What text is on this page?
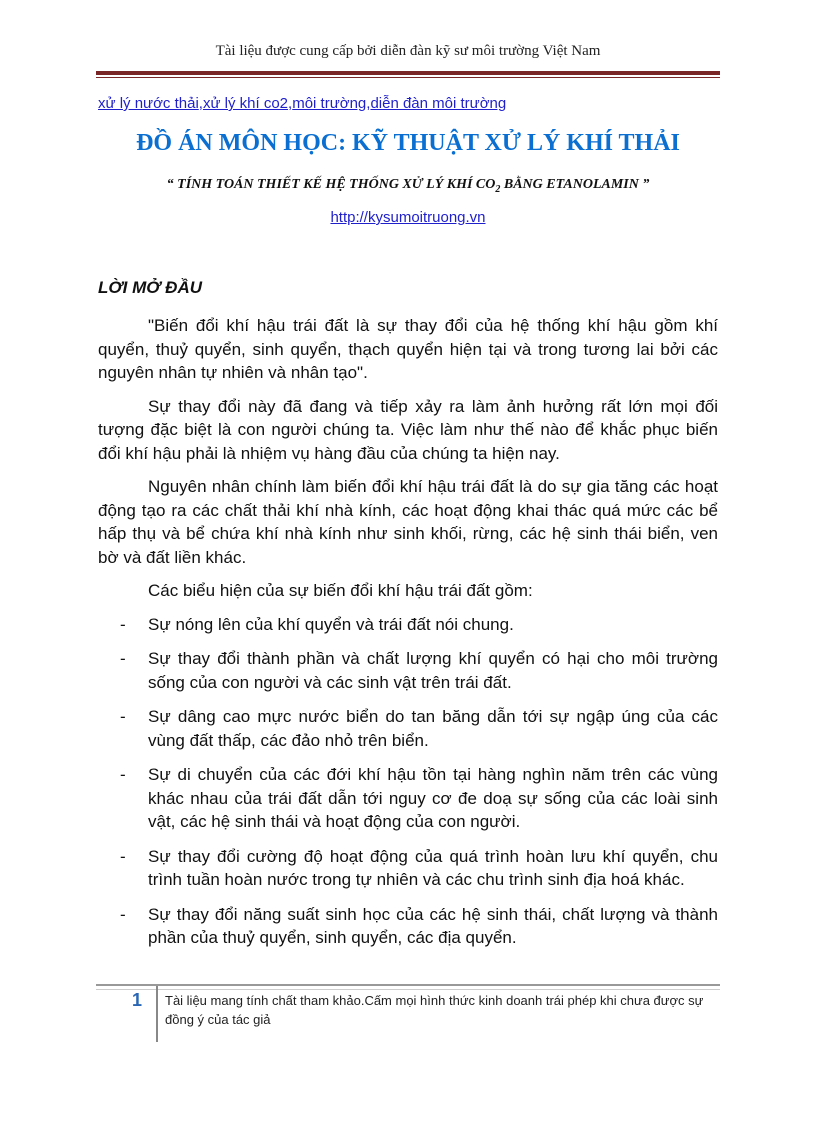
Tài liệu được cung cấp bởi diễn đàn kỹ sư môi trường Việt Nam
xử lý nước thải,xử lý khí co2,môi trường,diễn đàn môi trường
ĐỒ ÁN MÔN HỌC: KỸ THUẬT XỬ LÝ KHÍ THẢI
“ TÍNH TOÁN THIẾT KẾ HỆ THỐNG XỬ LÝ KHÍ $CO_2$ BẰNG ETANOLAMIN ”
http://kysumoitruong.vn
LỜI MỞ ĐẦU

"Biến đổi khí hậu trái đất là sự thay đổi của hệ thống khí hậu gồm khí quyển, thuỷ quyển, sinh quyển, thạch quyển hiện tại và trong tương lai bởi các nguyên nhân tự nhiên và nhân tạo".

Sự thay đổi này đã đang và tiếp xảy ra làm ảnh hưởng rất lớn mọi đối tượng đặc biệt là con người chúng ta. Việc làm như thế nào để khắc phục biến đổi khí hậu phải là nhiệm vụ hàng đầu của chúng ta hiện nay.

Nguyên nhân chính làm biến đổi khí hậu trái đất là do sự gia tăng các hoạt động tạo ra các chất thải khí nhà kính, các hoạt động khai thác quá mức các bể hấp thụ và bể chứa khí nhà kính như sinh khối, rừng, các hệ sinh thái biển, ven bờ và đất liền khác.

Các biểu hiện của sự biến đổi khí hậu trái đất gồm:

- Sự nóng lên của khí quyển và trái đất nói chung.
- Sự thay đổi thành phần và chất lượng khí quyển có hại cho môi trường sống của con người và các sinh vật trên trái đất.
- Sự dâng cao mực nước biển do tan băng dẫn tới sự ngập úng của các vùng đất thấp, các đảo nhỏ trên biển.
- Sự di chuyển của các đới khí hậu tồn tại hàng nghìn năm trên các vùng khác nhau của trái đất dẫn tới nguy cơ đe doạ sự sống của các loài sinh vật, các hệ sinh thái và hoạt động của con người.
- Sự thay đổi cường độ hoạt động của quá trình hoàn lưu khí quyển, chu trình tuần hoàn nước trong tự nhiên và các chu trình sinh địa hoá khác.
- Sự thay đổi năng suất sinh học của các hệ sinh thái, chất lượng và thành phần của thuỷ quyển, sinh quyển, các địa quyển.
1 Tài liệu mang tính chất tham khảo.Cấm mọi hình thức kinh doanh trái phép khi chưa được sự đồng ý của tác giả
